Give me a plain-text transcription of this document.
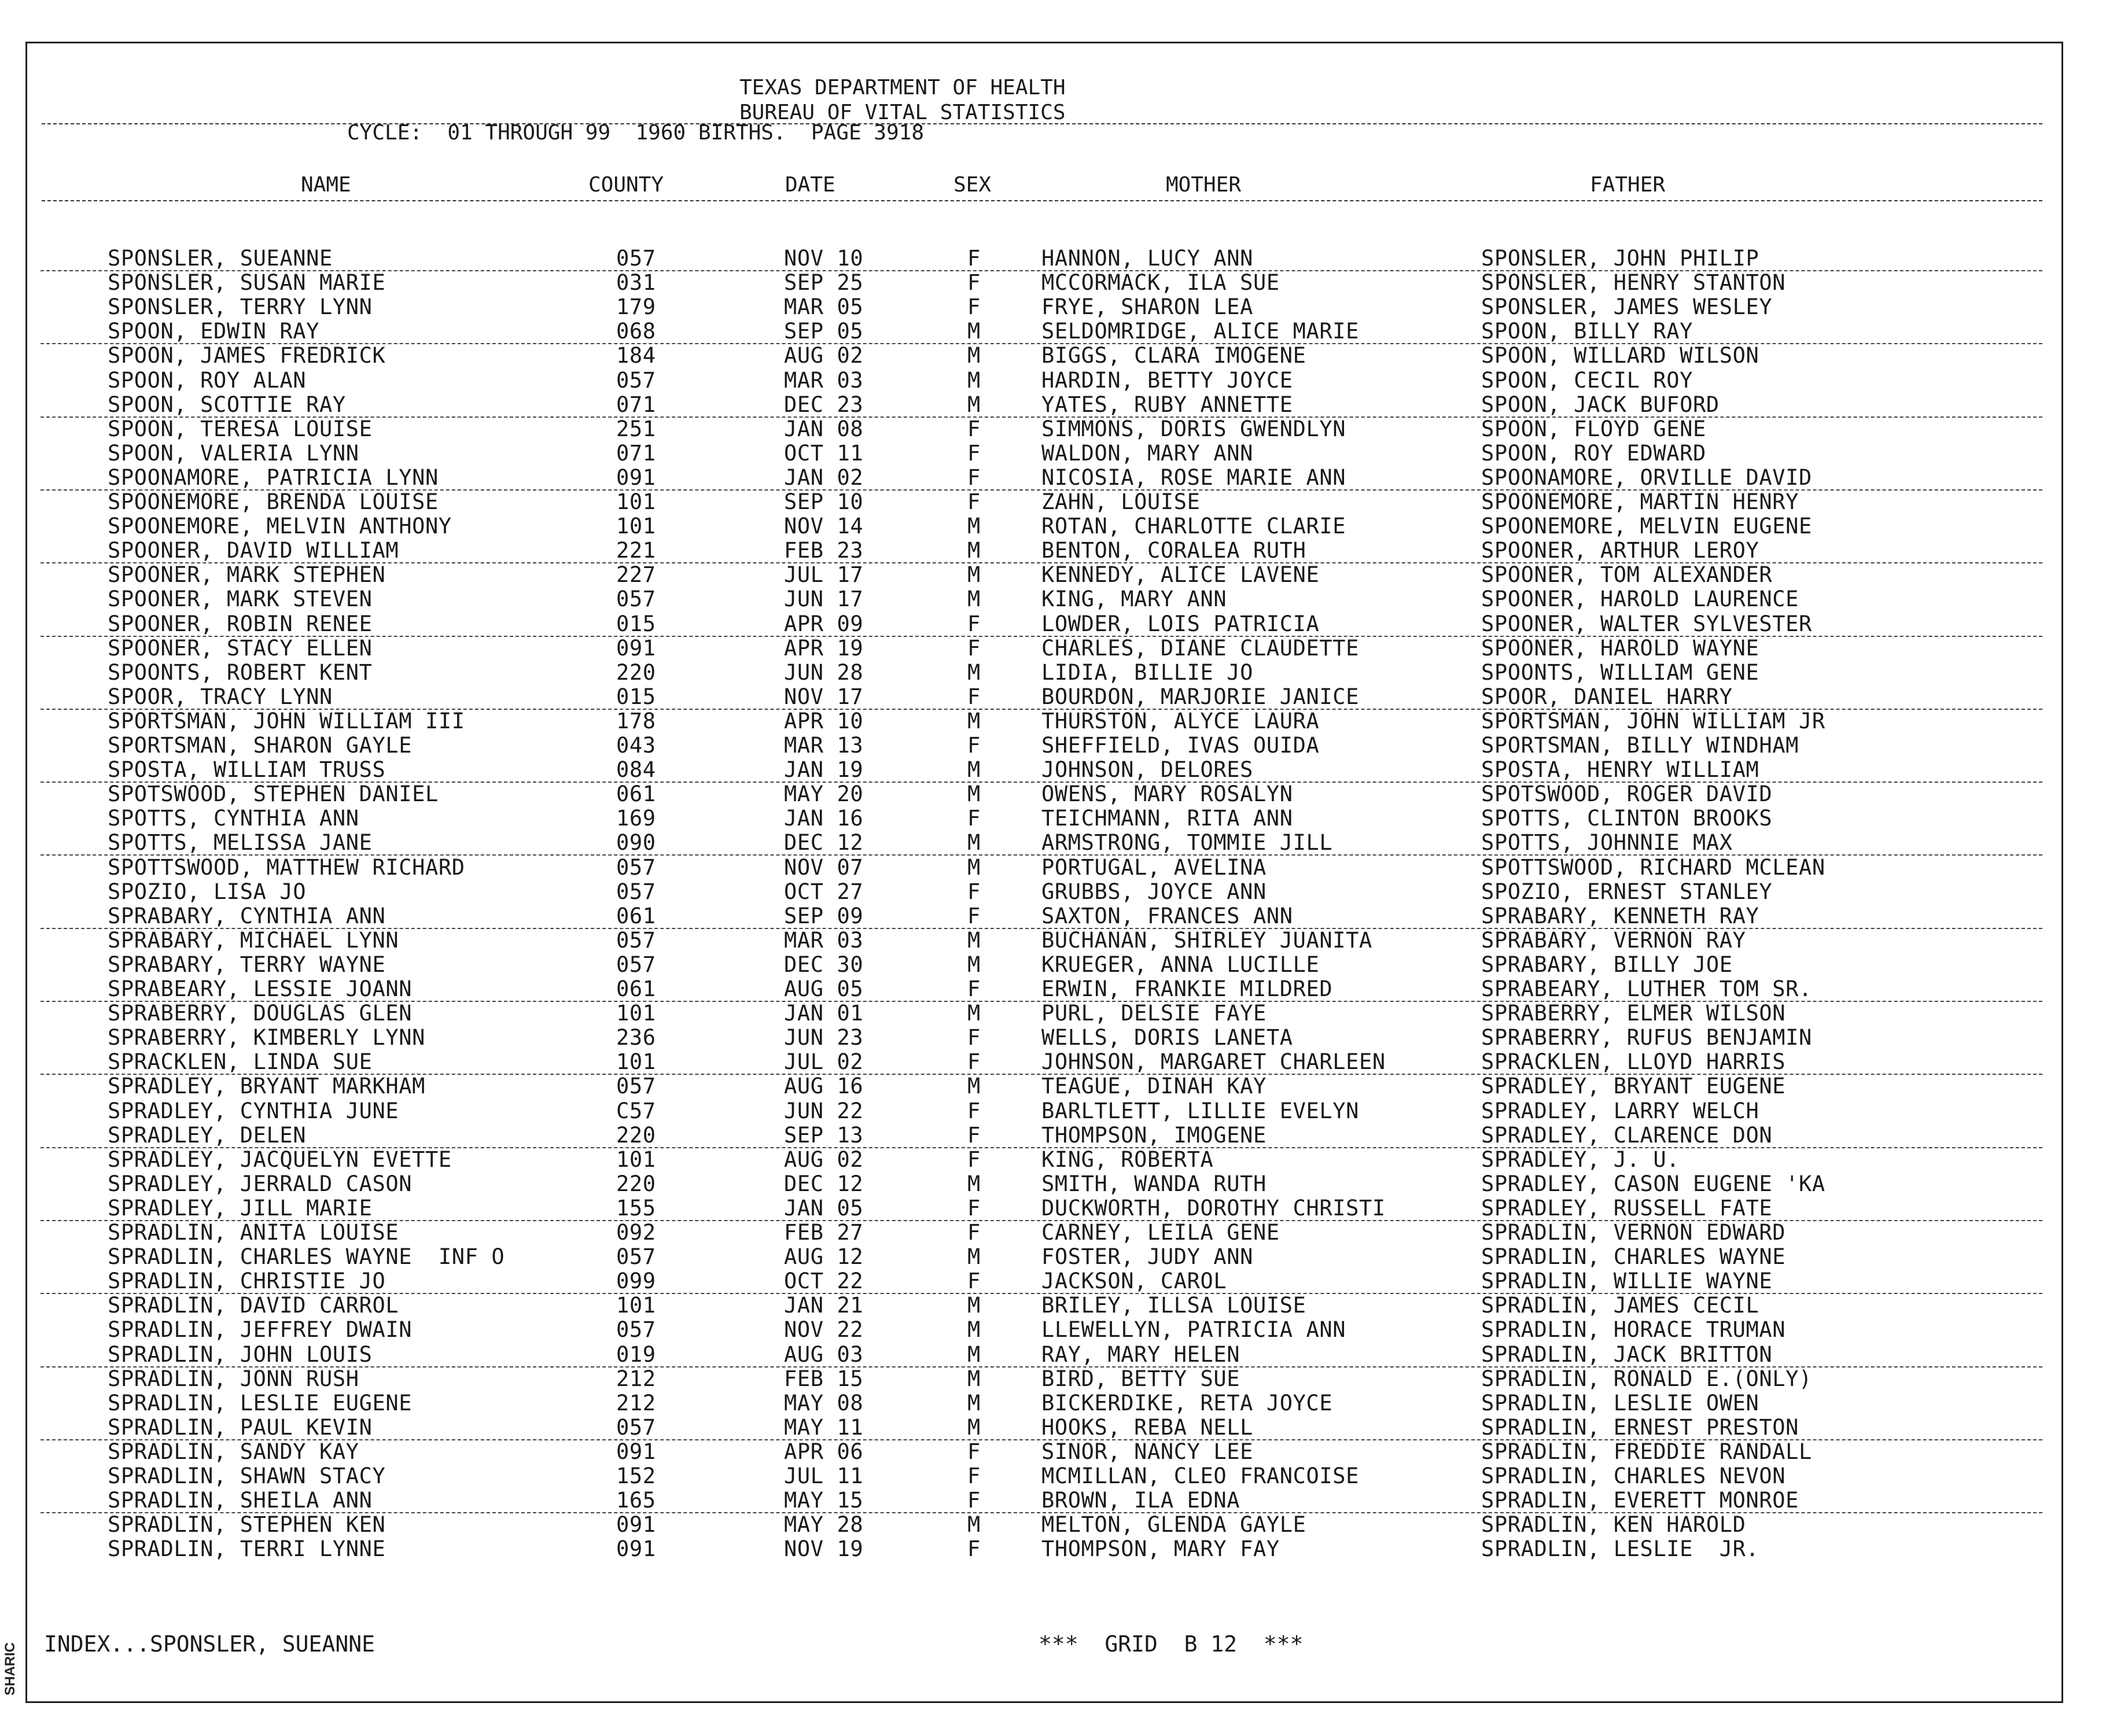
SHARIC
TEXAS DEPARTMENT OF HEALTH
BUREAU OF VITAL STATISTICS
CYCLE:  01 THROUGH 99  1960 BIRTHS.  PAGE 3918
NAME	COUNTY	DATE	SEX	MOTHER	FATHER
SPONSLER, SUEANNE	057	NOV 10	F	HANNON, LUCY ANN	SPONSLER, JOHN PHILIP
SPONSLER, SUSAN MARIE	031	SEP 25	F	MCCORMACK, ILA SUE	SPONSLER, HENRY STANTON
SPONSLER, TERRY LYNN	179	MAR 05	F	FRYE, SHARON LEA	SPONSLER, JAMES WESLEY
SPOON, EDWIN RAY	068	SEP 05	M	SELDOMRIDGE, ALICE MARIE	SPOON, BILLY RAY
SPOON, JAMES FREDRICK	184	AUG 02	M	BIGGS, CLARA IMOGENE	SPOON, WILLARD WILSON
SPOON, ROY ALAN	057	MAR 03	M	HARDIN, BETTY JOYCE	SPOON, CECIL ROY
SPOON, SCOTTIE RAY	071	DEC 23	M	YATES, RUBY ANNETTE	SPOON, JACK BUFORD
SPOON, TERESA LOUISE	251	JAN 08	F	SIMMONS, DORIS GWENDLYN	SPOON, FLOYD GENE
SPOON, VALERIA LYNN	071	OCT 11	F	WALDON, MARY ANN	SPOON, ROY EDWARD
SPOONAMORE, PATRICIA LYNN	091	JAN 02	F	NICOSIA, ROSE MARIE ANN	SPOONAMORE, ORVILLE DAVID
SPOONEMORE, BRENDA LOUISE	101	SEP 10	F	ZAHN, LOUISE	SPOONEMORE, MARTIN HENRY
SPOONEMORE, MELVIN ANTHONY	101	NOV 14	M	ROTAN, CHARLOTTE CLARIE	SPOONEMORE, MELVIN EUGENE
SPOONER, DAVID WILLIAM	221	FEB 23	M	BENTON, CORALEA RUTH	SPOONER, ARTHUR LEROY
SPOONER, MARK STEPHEN	227	JUL 17	M	KENNEDY, ALICE LAVENE	SPOONER, TOM ALEXANDER
SPOONER, MARK STEVEN	057	JUN 17	M	KING, MARY ANN	SPOONER, HAROLD LAURENCE
SPOONER, ROBIN RENEE	015	APR 09	F	LOWDER, LOIS PATRICIA	SPOONER, WALTER SYLVESTER
SPOONER, STACY ELLEN	091	APR 19	F	CHARLES, DIANE CLAUDETTE	SPOONER, HAROLD WAYNE
SPOONTS, ROBERT KENT	220	JUN 28	M	LIDIA, BILLIE JO	SPOONTS, WILLIAM GENE
SPOOR, TRACY LYNN	015	NOV 17	F	BOURDON, MARJORIE JANICE	SPOOR, DANIEL HARRY
SPORTSMAN, JOHN WILLIAM III	178	APR 10	M	THURSTON, ALYCE LAURA	SPORTSMAN, JOHN WILLIAM JR
SPORTSMAN, SHARON GAYLE	043	MAR 13	F	SHEFFIELD, IVAS OUIDA	SPORTSMAN, BILLY WINDHAM
SPOSTA, WILLIAM TRUSS	084	JAN 19	M	JOHNSON, DELORES	SPOSTA, HENRY WILLIAM
SPOTSWOOD, STEPHEN DANIEL	061	MAY 20	M	OWENS, MARY ROSALYN	SPOTSWOOD, ROGER DAVID
SPOTTS, CYNTHIA ANN	169	JAN 16	F	TEICHMANN, RITA ANN	SPOTTS, CLINTON BROOKS
SPOTTS, MELISSA JANE	090	DEC 12	M	ARMSTRONG, TOMMIE JILL	SPOTTS, JOHNNIE MAX
SPOTTSWOOD, MATTHEW RICHARD	057	NOV 07	M	PORTUGAL, AVELINA	SPOTTSWOOD, RICHARD MCLEAN
SPOZIO, LISA JO	057	OCT 27	F	GRUBBS, JOYCE ANN	SPOZIO, ERNEST STANLEY
SPRABARY, CYNTHIA ANN	061	SEP 09	F	SAXTON, FRANCES ANN	SPRABARY, KENNETH RAY
SPRABARY, MICHAEL LYNN	057	MAR 03	M	BUCHANAN, SHIRLEY JUANITA	SPRABARY, VERNON RAY
SPRABARY, TERRY WAYNE	057	DEC 30	M	KRUEGER, ANNA LUCILLE	SPRABARY, BILLY JOE
SPRABEARY, LESSIE JOANN	061	AUG 05	F	ERWIN, FRANKIE MILDRED	SPRABEARY, LUTHER TOM SR.
SPRABERRY, DOUGLAS GLEN	101	JAN 01	M	PURL, DELSIE FAYE	SPRABERRY, ELMER WILSON
SPRABERRY, KIMBERLY LYNN	236	JUN 23	F	WELLS, DORIS LANETA	SPRABERRY, RUFUS BENJAMIN
SPRACKLEN, LINDA SUE	101	JUL 02	F	JOHNSON, MARGARET CHARLEEN	SPRACKLEN, LLOYD HARRIS
SPRADLEY, BRYANT MARKHAM	057	AUG 16	M	TEAGUE, DINAH KAY	SPRADLEY, BRYANT EUGENE
SPRADLEY, CYNTHIA JUNE	C57	JUN 22	F	BARLTLETT, LILLIE EVELYN	SPRADLEY, LARRY WELCH
SPRADLEY, DELEN	220	SEP 13	F	THOMPSON, IMOGENE	SPRADLEY, CLARENCE DON
SPRADLEY, JACQUELYN EVETTE	101	AUG 02	F	KING, ROBERTA	SPRADLEY, J. U.
SPRADLEY, JERRALD CASON	220	DEC 12	M	SMITH, WANDA RUTH	SPRADLEY, CASON EUGENE 'KA
SPRADLEY, JILL MARIE	155	JAN 05	F	DUCKWORTH, DOROTHY CHRISTI	SPRADLEY, RUSSELL FATE
SPRADLIN, ANITA LOUISE	092	FEB 27	F	CARNEY, LEILA GENE	SPRADLIN, VERNON EDWARD
SPRADLIN, CHARLES WAYNE  INF O	057	AUG 12	M	FOSTER, JUDY ANN	SPRADLIN, CHARLES WAYNE
SPRADLIN, CHRISTIE JO	099	OCT 22	F	JACKSON, CAROL	SPRADLIN, WILLIE WAYNE
SPRADLIN, DAVID CARROL	101	JAN 21	M	BRILEY, ILLSA LOUISE	SPRADLIN, JAMES CECIL
SPRADLIN, JEFFREY DWAIN	057	NOV 22	M	LLEWELLYN, PATRICIA ANN	SPRADLIN, HORACE TRUMAN
SPRADLIN, JOHN LOUIS	019	AUG 03	M	RAY, MARY HELEN	SPRADLIN, JACK BRITTON
SPRADLIN, JONN RUSH	212	FEB 15	M	BIRD, BETTY SUE	SPRADLIN, RONALD E.(ONLY)
SPRADLIN, LESLIE EUGENE	212	MAY 08	M	BICKERDIKE, RETA JOYCE	SPRADLIN, LESLIE OWEN
SPRADLIN, PAUL KEVIN	057	MAY 11	M	HOOKS, REBA NELL	SPRADLIN, ERNEST PRESTON
SPRADLIN, SANDY KAY	091	APR 06	F	SINOR, NANCY LEE	SPRADLIN, FREDDIE RANDALL
SPRADLIN, SHAWN STACY	152	JUL 11	F	MCMILLAN, CLEO FRANCOISE	SPRADLIN, CHARLES NEVON
SPRADLIN, SHEILA ANN	165	MAY 15	F	BROWN, ILA EDNA	SPRADLIN, EVERETT MONROE
SPRADLIN, STEPHEN KEN	091	MAY 28	M	MELTON, GLENDA GAYLE	SPRADLIN, KEN HAROLD
SPRADLIN, TERRI LYNNE	091	NOV 19	F	THOMPSON, MARY FAY	SPRADLIN, LESLIE  JR.
INDEX...SPONSLER, SUEANNE	***  GRID  B 12  ***
